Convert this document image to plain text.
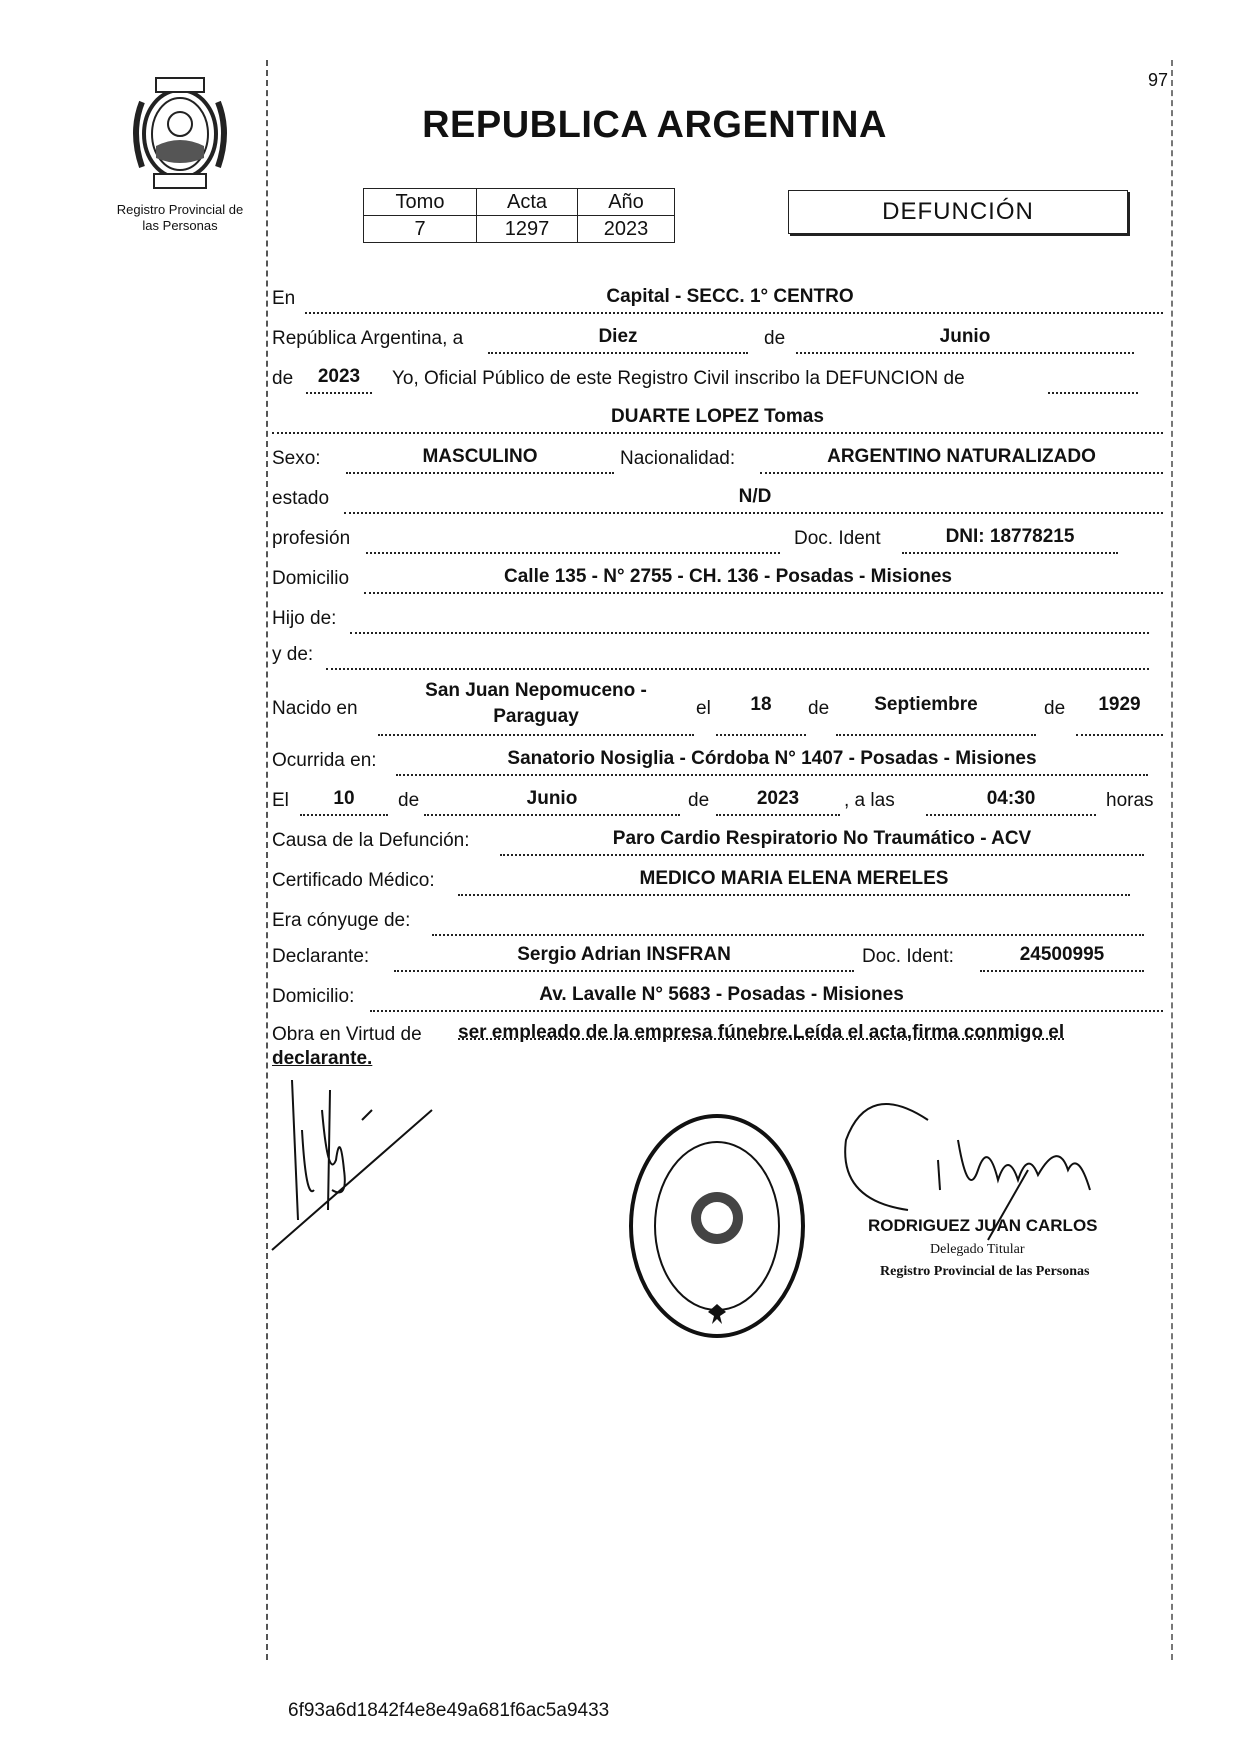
97
Registro Provincial de
las Personas
REPUBLICA ARGENTINA
Tomo	Acta	Año
7	1297	2023
DEFUNCIÓN
En	Capital - SECC. 1° CENTRO
República Argentina, a	Diez	de	Junio
de	2023	Yo, Oficial Público de este Registro Civil inscribo la DEFUNCION de
DUARTE LOPEZ Tomas
Sexo:	MASCULINO	Nacionalidad:	ARGENTINO NATURALIZADO
estado	N/D
profesión	Doc. Ident	DNI: 18778215
Domicilio	Calle 135 - N° 2755 - CH. 136 - Posadas - Misiones
Hijo de:
y de:
Nacido en
San Juan Nepomuceno -
Paraguay	el	18	de	Septiembre	de	1929
Ocurrida en:	Sanatorio Nosiglia - Córdoba N° 1407 - Posadas - Misiones
El	10	de	Junio	de	2023	, a las	04:30	horas
Causa de la Defunción:	Paro Cardio Respiratorio No Traumático - ACV
Certificado Médico:	MEDICO MARIA ELENA MERELES
Era cónyuge de:
Declarante:	Sergio Adrian INSFRAN	Doc. Ident:	24500995
Domicilio:	Av. Lavalle N° 5683 - Posadas - Misiones
Obra en Virtud de ser empleado de la empresa fúnebre.Leída el acta,firma conmigo el
declarante.
RODRIGUEZ JUAN CARLOS
Delegado Titular
Registro Provincial de las Personas
6f93a6d1842f4e8e49a681f6ac5a9433
